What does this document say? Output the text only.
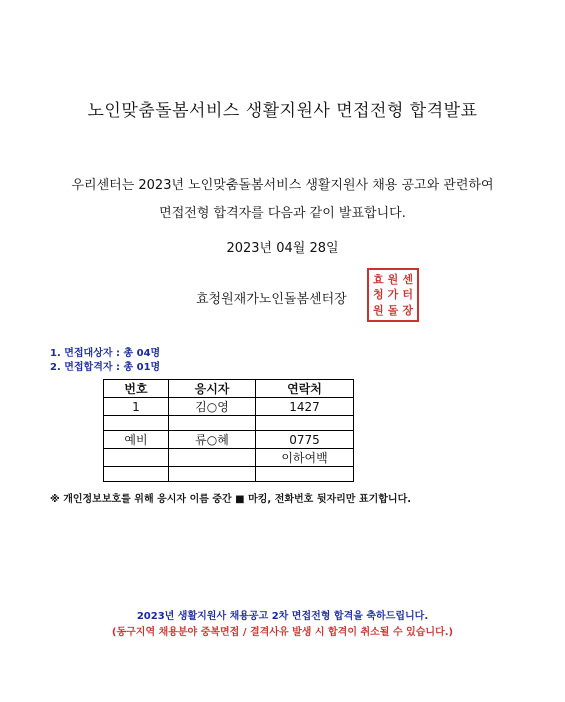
노인맞춤돌봄서비스 생활지원사 면접전형 합격발표
우리센터는 2023년 노인맞춤돌봄서비스 생활지원사 채용 공고와 관련하여
면접전형 합격자를 다음과 같이 발표합니다.
2023년 04월 28일
효청원재가노인돌봄센터장
효 원 센
청 가 터
원 돌 장
1. 면접대상자 : 총 04명
2. 면접합격자 : 총 01명
번호	응시자	연락처
1	김○영	1427

예비	류○혜	0775
		이하여백

※ 개인정보보호를 위해 응시자 이름 중간 ■ 마킹, 전화번호 뒷자리만 표기합니다.
2023년 생활지원사 채용공고 2차 면접전형 합격을 축하드립니다.
(동구지역 채용분야 중복면접 / 결격사유 발생 시 합격이 취소될 수 있습니다.)
